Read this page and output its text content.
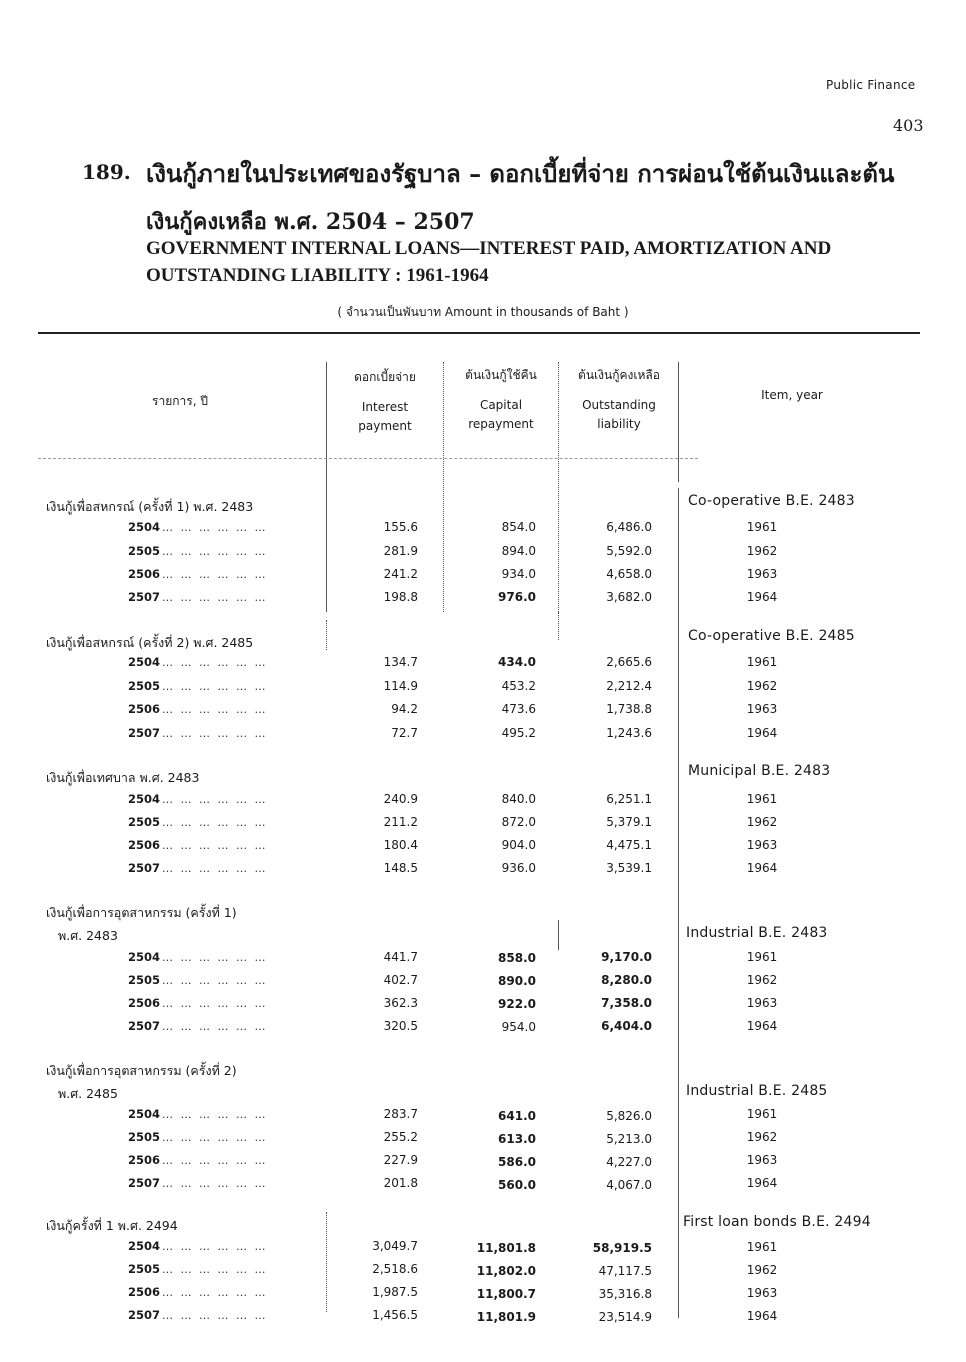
Public Finance
403
189. เงินกู้ภายในประเทศของรัฐบาล – ดอกเบี้ยที่จ่าย การผ่อนใช้ต้นเงินและต้น
เงินกู้คงเหลือ พ.ศ. 2504 – 2507
GOVERNMENT INTERNAL LOANS—INTEREST PAID, AMORTIZATION AND
OUTSTANDING LIABILITY : 1961-1964
( จำนวนเป็นพันบาท Amount in thousands of Baht )
รายการ, ปี
ดอกเบี้ยจ่าย
Interest
payment
ต้นเงินกู้ใช้คืน
Capital
repayment
ต้นเงินกู้คงเหลือ
Outstanding
liability
Item, year
เงินกู้เพื่อสหกรณ์ (ครั้งที่ 1) พ.ศ. 2483	Co-operative B.E. 2483
2504 … … … … … …	155.6	854.0	6,486.0	1961
2505 … … … … … …	281.9	894.0	5,592.0	1962
2506 … … … … … …	241.2	934.0	4,658.0	1963
2507 … … … … … …	198.8	976.0	3,682.0	1964
เงินกู้เพื่อสหกรณ์ (ครั้งที่ 2) พ.ศ. 2485	Co-operative B.E. 2485
2504 … … … … … …	134.7	434.0	2,665.6	1961
2505 … … … … … …	114.9	453.2	2,212.4	1962
2506 … … … … … …	94.2	473.6	1,738.8	1963
2507 … … … … … …	72.7	495.2	1,243.6	1964
เงินกู้เพื่อเทศบาล พ.ศ. 2483	Municipal B.E. 2483
2504 … … … … … …	240.9	840.0	6,251.1	1961
2505 … … … … … …	211.2	872.0	5,379.1	1962
2506 … … … … … …	180.4	904.0	4,475.1	1963
2507 … … … … … …	148.5	936.0	3,539.1	1964
เงินกู้เพื่อการอุตสาหกรรม (ครั้งที่ 1)
พ.ศ. 2483	Industrial B.E. 2483
2504 … … … … … …	441.7	858.0	9,170.0	1961
2505 … … … … … …	402.7	890.0	8,280.0	1962
2506 … … … … … …	362.3	922.0	7,358.0	1963
2507 … … … … … …	320.5	954.0	6,404.0	1964
เงินกู้เพื่อการอุตสาหกรรม (ครั้งที่ 2)
พ.ศ. 2485	Industrial B.E. 2485
2504 … … … … … …	283.7	641.0	5,826.0	1961
2505 … … … … … …	255.2	613.0	5,213.0	1962
2506 … … … … … …	227.9	586.0	4,227.0	1963
2507 … … … … … …	201.8	560.0	4,067.0	1964
เงินกู้ครั้งที่ 1 พ.ศ. 2494	First loan bonds B.E. 2494
2504 … … … … … …	3,049.7	11,801.8	58,919.5	1961
2505 … … … … … …	2,518.6	11,802.0	47,117.5	1962
2506 … … … … … …	1,987.5	11,800.7	35,316.8	1963
2507 … … … … … …	1,456.5	11,801.9	23,514.9	1964
